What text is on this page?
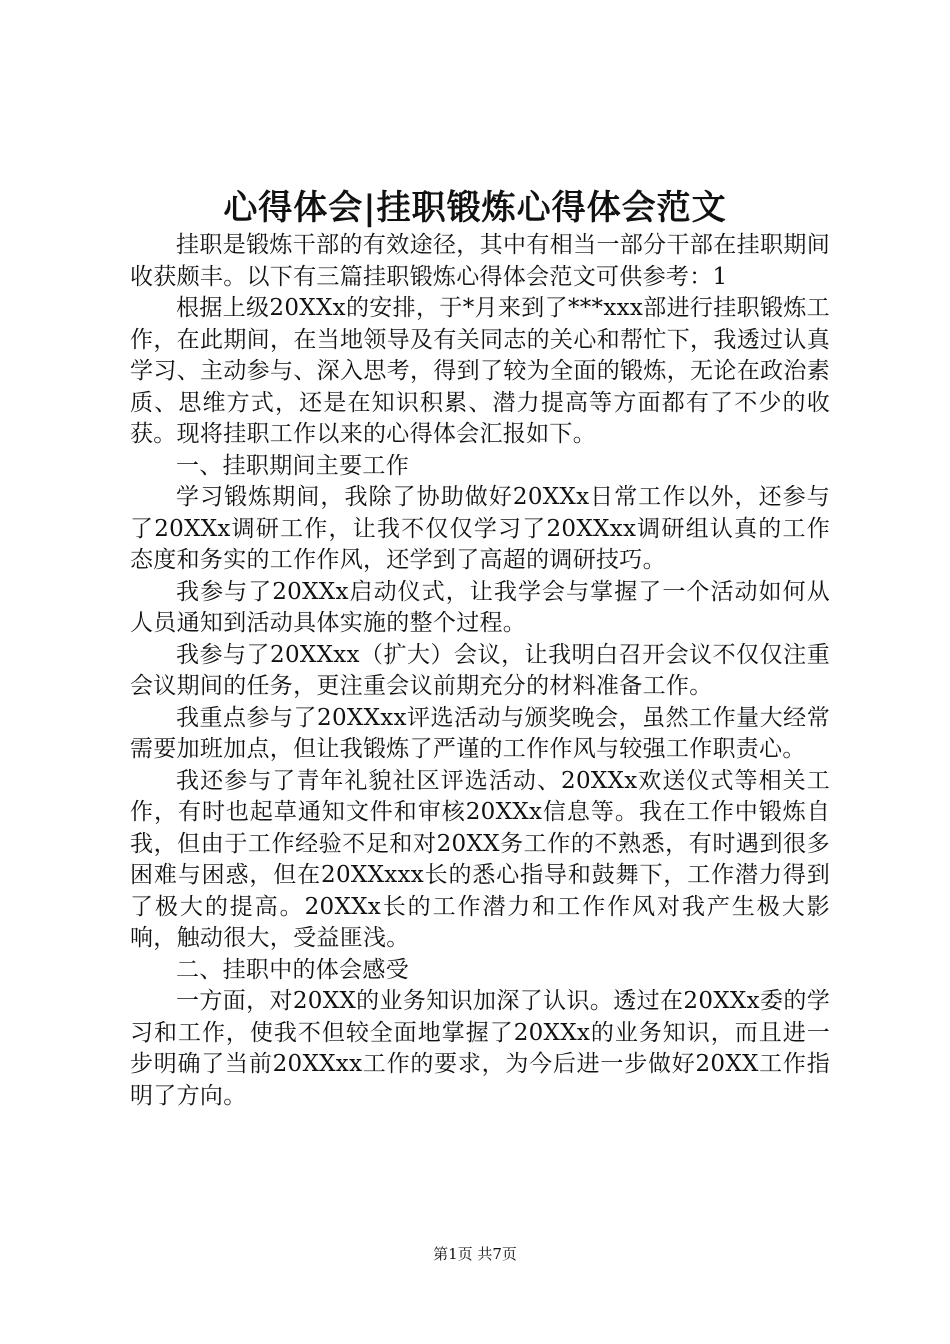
心得体会|挂职锻炼心得体会范文

挂职是锻炼干部的有效途径，其中有相当一部分干部在挂职期间收获颇丰。以下有三篇挂职锻炼心得体会范文可供参考：1

根据上级20XXx的安排，于*月来到了***xxx部进行挂职锻炼工作，在此期间，在当地领导及有关同志的关心和帮忙下，我透过认真学习、主动参与、深入思考，得到了较为全面的锻炼，无论在政治素质、思维方式，还是在知识积累、潜力提高等方面都有了不少的收获。现将挂职工作以来的心得体会汇报如下。

一、挂职期间主要工作

学习锻炼期间，我除了协助做好20XXx日常工作以外，还参与了20XXx调研工作，让我不仅仅学习了20XXxx调研组认真的工作态度和务实的工作作风，还学到了高超的调研技巧。

我参与了20XXx启动仪式，让我学会与掌握了一个活动如何从人员通知到活动具体实施的整个过程。

我参与了20XXxx（扩大）会议，让我明白召开会议不仅仅注重会议期间的任务，更注重会议前期充分的材料准备工作。

我重点参与了20XXxx评选活动与颁奖晚会，虽然工作量大经常需要加班加点，但让我锻炼了严谨的工作作风与较强工作职责心。

我还参与了青年礼貌社区评选活动、20XXx欢送仪式等相关工作，有时也起草通知文件和审核20XXx信息等。我在工作中锻炼自我，但由于工作经验不足和对20XX务工作的不熟悉，有时遇到很多困难与困惑，但在20XXxxx长的悉心指导和鼓舞下，工作潜力得到了极大的提高。20XXx长的工作潜力和工作作风对我产生极大影响，触动很大，受益匪浅。

二、挂职中的体会感受

一方面，对20XX的业务知识加深了认识。透过在20XXx委的学习和工作，使我不但较全面地掌握了20XXx的业务知识，而且进一步明确了当前20XXxx工作的要求，为今后进一步做好20XX工作指明了方向。

第1页 共7页
